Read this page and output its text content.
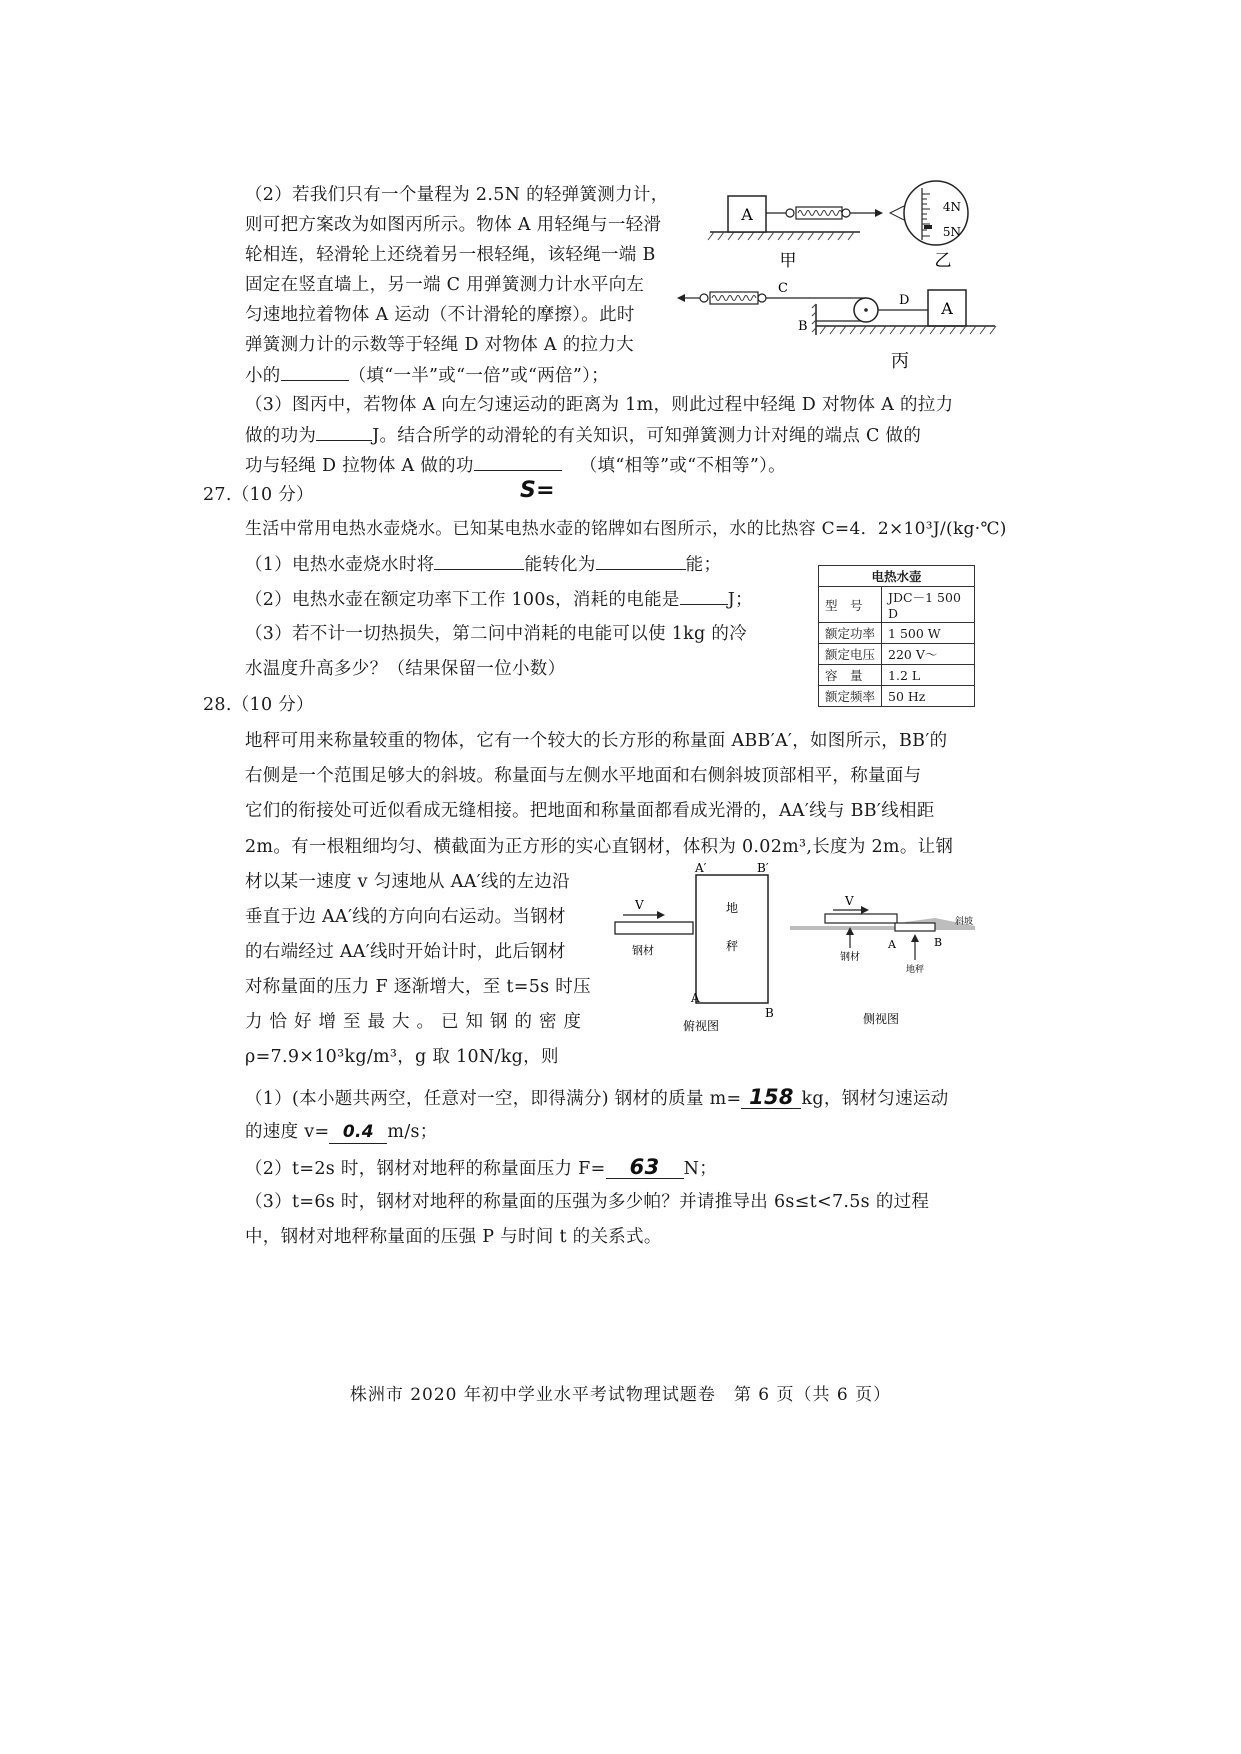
（2）若我们只有一个量程为 2.5N 的轻弹簧测力计，
则可把方案改为如图丙所示。物体 A 用轻绳与一轻滑
轮相连，轻滑轮上还绕着另一根轻绳，该轻绳一端 B
固定在竖直墙上，另一端 C 用弹簧测力计水平向左
匀速地拉着物体 A 运动（不计滑轮的摩擦）。此时
弹簧测力计的示数等于轻绳 D 对物体 A 的拉力大
小的	（填“一半”或“一倍”或“两倍”）；
A	4N
5N
甲	乙
C
B
D A
丙
（3）图丙中，若物体 A 向左匀速运动的距离为 1m，则此过程中轻绳 D 对物体 A 的拉力
做的功为	J。结合所学的动滑轮的有关知识，可知弹簧测力计对绳的端点 C 做的
功与轻绳 D 拉物体 A 做的功	（填“相等”或“不相等”）。
27.（10 分）	S=
生活中常用电热水壶烧水。已知某电热水壶的铭牌如右图所示，水的比热容 C=4．2×10³J/(kg·℃)
（1）电热水壶烧水时将	能转化为	能；
（2）电热水壶在额定功率下工作 100s，消耗的电能是	J；
（3）若不计一切热损失，第二问中消耗的电能可以使 1kg 的冷
水温度升高多少？（结果保留一位小数）
电热水壶	
型　号	JDC－1 500 D
额定功率	1 500 W
额定电压	220 V～
容　量	1.2 L
额定频率	50 Hz
28.（10 分）
地秤可用来称量较重的物体，它有一个较大的长方形的称量面 ABB′A′，如图所示，BB′的
右侧是一个范围足够大的斜坡。称量面与左侧水平地面和右侧斜坡顶部相平，称量面与
它们的衔接处可近似看成无缝相接。把地面和称量面都看成光滑的，AA′线与 BB′线相距
2m。有一根粗细均匀、横截面为正方形的实心直钢材，体积为 0.02m³,长度为 2m。让钢
材以某一速度 v 匀速地从 AA′线的左边沿
垂直于边 AA′线的方向向右运动。当钢材
的右端经过 AA′线时开始计时，此后钢材
对称量面的压力 F 逐渐增大，至 t=5s 时压
力恰好增至最大。已知钢的密度
ρ=7.9×10³kg/m³，g 取 10N/kg，则
V
钢材
A′	B′
地
秤
A
B
俯视图
斜坡
V
钢材
A	B
地秤
侧视图
（1）(本小题共两空，任意对一空，即得满分) 钢材的质量 m= 158 kg，钢材匀速运动
的速度 v= 0.4 m/s；
（2）t=2s 时，钢材对地秤的称量面压力 F= 63 N；
（3）t=6s 时，钢材对地秤的称量面的压强为多少帕？并请推导出 6s≤t<7.5s 的过程
中，钢材对地秤称量面的压强 P 与时间 t 的关系式。
株洲市 2020 年初中学业水平考试物理试题卷　第 6 页（共 6 页）
